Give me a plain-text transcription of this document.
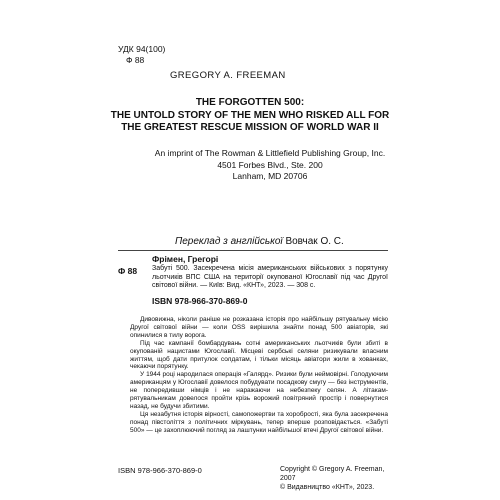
УДК 94(100)
Ф 88
GREGORY A. FREEMAN
THE FORGOTTEN 500:
THE UNTOLD STORY OF THE MEN WHO RISKED ALL FOR
THE GREATEST RESCUE MISSION OF WORLD WAR II
An imprint of The Rowman & Littlefield Publishing Group, Inc.
4501 Forbes Blvd., Ste. 200
Lanham, MD 20706
Переклад з англійської Вовчак О. С.
Фрімен, Грегорі
Ф 88 Забуті 500. Засекречена місія американських військових з порятунку льотчиків ВПС США на території окупованої Югославії під час Другої світової війни. — Київ: Вид. «КНТ», 2023. — 308 с.
ISBN 978-966-370-869-0

Дивовижна, ніколи раніше не розказана історія про найбільшу рятувальну місію Другої світової війни — коли OSS вирішила знайти понад 500 авіаторів, які опинилися в тилу ворога.

Під час кампанії бомбардувань сотні американських льотчиків були збиті в окупованій нацистами Югославії. Місцеві сербські селяни ризикували власним життям, щоб дати притулок солдатам, і тільки місяць авіатори жили в хованках, чекаючи порятунку.

У 1944 році народилася операція «Галярд». Ризики були неймовірні. Голодуючим американцям у Югославії довелося побудувати посадкову смугу — без інструментів, не попередивши німців і не наражаючи на небезпеку селян. А літакам-рятувальникам довелося пройти крізь ворожий повітряний простір і повернутися назад, не будучи збитими.

Ця незабутня історія вірності, самопожертви та хоробрості, яка була засекречена понад півстоліття з політичних міркувань, тепер вперше розповідається. «Забуті 500» — це захоплюючий погляд за лаштунки найбільшої втечі Другої світової війни.

ISBN 978-966-370-869-0	Copyright © Gregory A. Freeman, 2007
© Видавництво «КНТ», 2023.
